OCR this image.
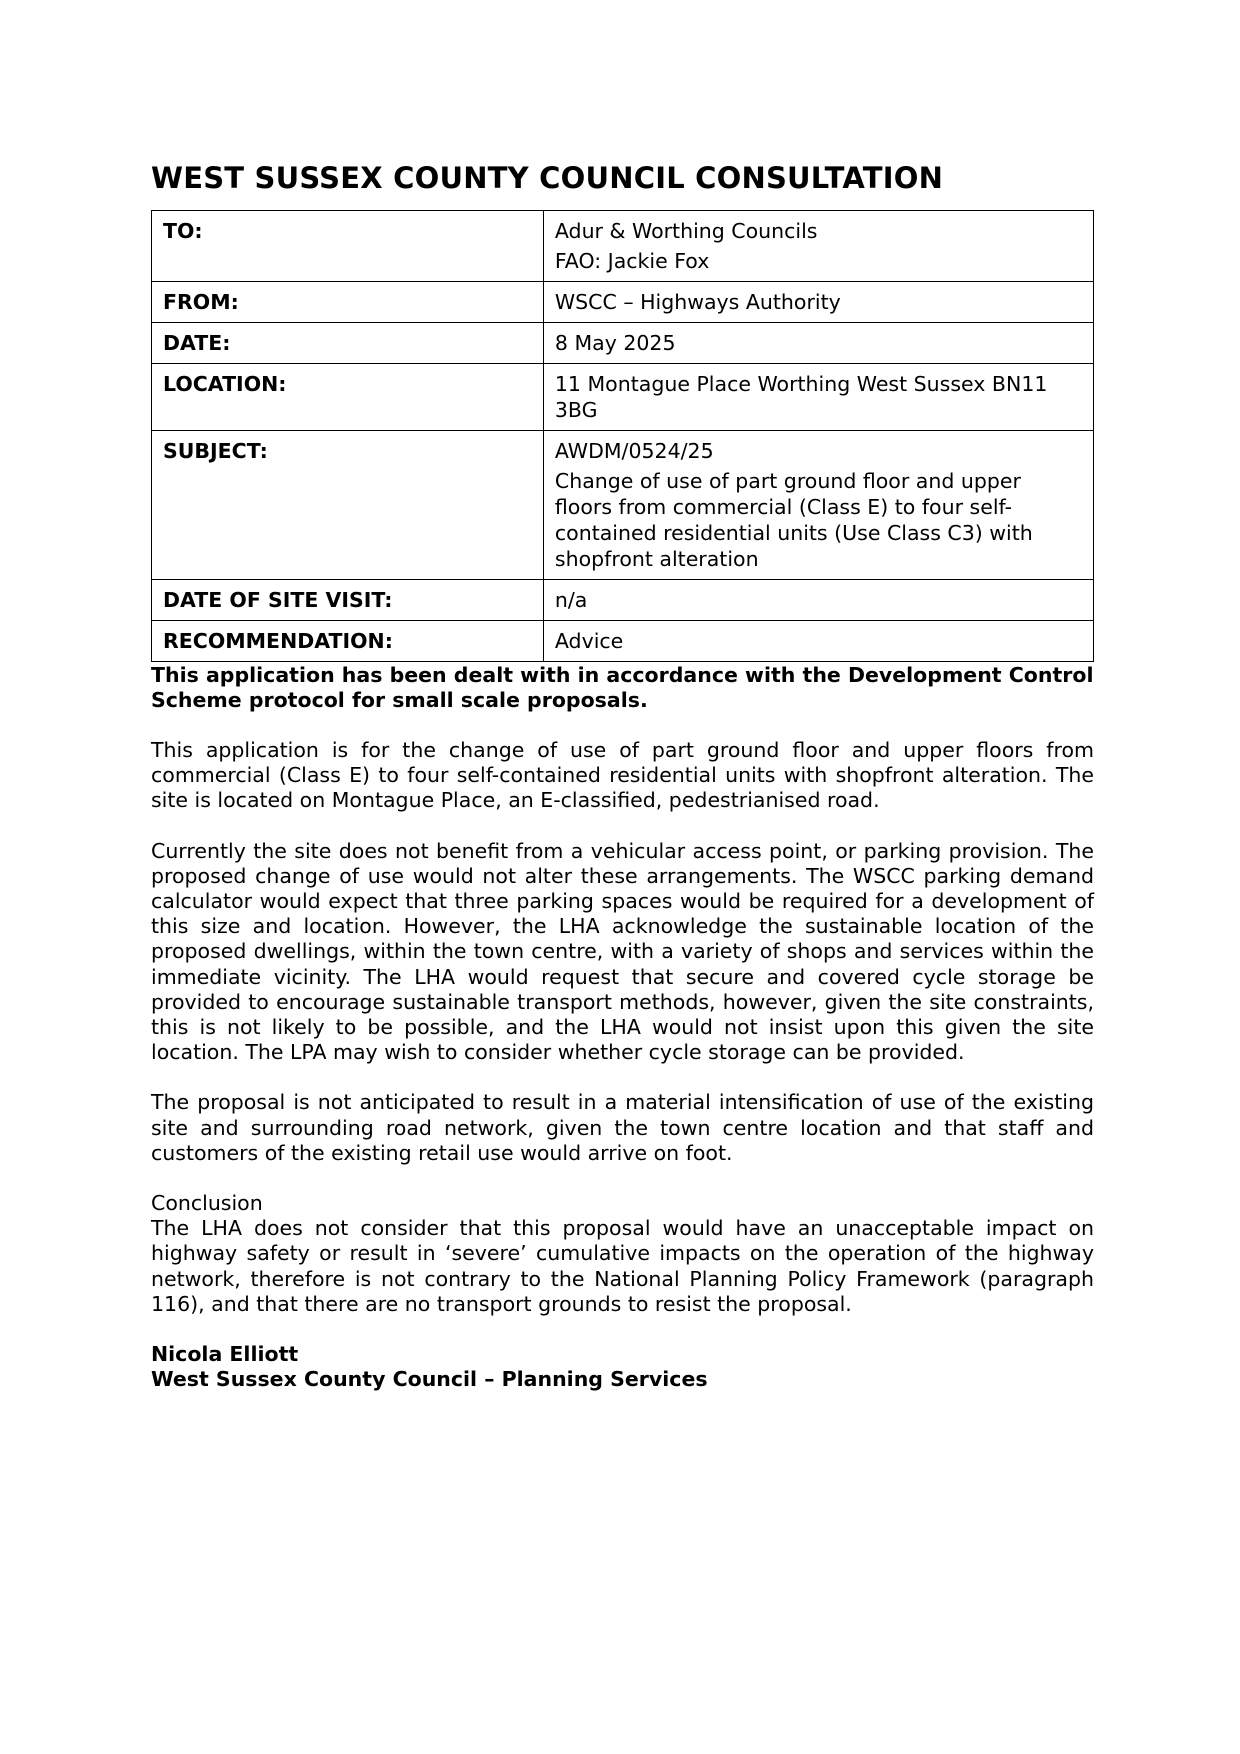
WEST SUSSEX COUNTY COUNCIL CONSULTATION
TO:	Adur & Worthing Councils
FAO: Jackie Fox

FROM:	WSCC – Highways Authority
DATE:	8 May 2025
LOCATION:	11 Montague Place Worthing West Sussex BN11 3BG
SUBJECT:	AWDM/0524/25
Change of use of part ground floor and upper floors from commercial (Class E) to four self-contained residential units (Use Class C3) with shopfront alteration

DATE OF SITE VISIT:	n/a
RECOMMENDATION:	Advice

This application has been dealt with in accordance with the Development Control Scheme protocol for small scale proposals.

This application is for the change of use of part ground floor and upper floors from commercial (Class E) to four self-contained residential units with shopfront alteration. The site is located on Montague Place, an E-classified, pedestrianised road.

Currently the site does not benefit from a vehicular access point, or parking provision. The proposed change of use would not alter these arrangements. The WSCC parking demand calculator would expect that three parking spaces would be required for a development of this size and location. However, the LHA acknowledge the sustainable location of the proposed dwellings, within the town centre, with a variety of shops and services within the immediate vicinity. The LHA would request that secure and covered cycle storage be provided to encourage sustainable transport methods, however, given the site constraints, this is not likely to be possible, and the LHA would not insist upon this given the site location. The LPA may wish to consider whether cycle storage can be provided.

The proposal is not anticipated to result in a material intensification of use of the existing site and surrounding road network, given the town centre location and that staff and customers of the existing retail use would arrive on foot.

Conclusion

The LHA does not consider that this proposal would have an unacceptable impact on highway safety or result in ‘severe’ cumulative impacts on the operation of the highway network, therefore is not contrary to the National Planning Policy Framework (paragraph 116), and that there are no transport grounds to resist the proposal.

Nicola Elliott
West Sussex County Council – Planning Services
